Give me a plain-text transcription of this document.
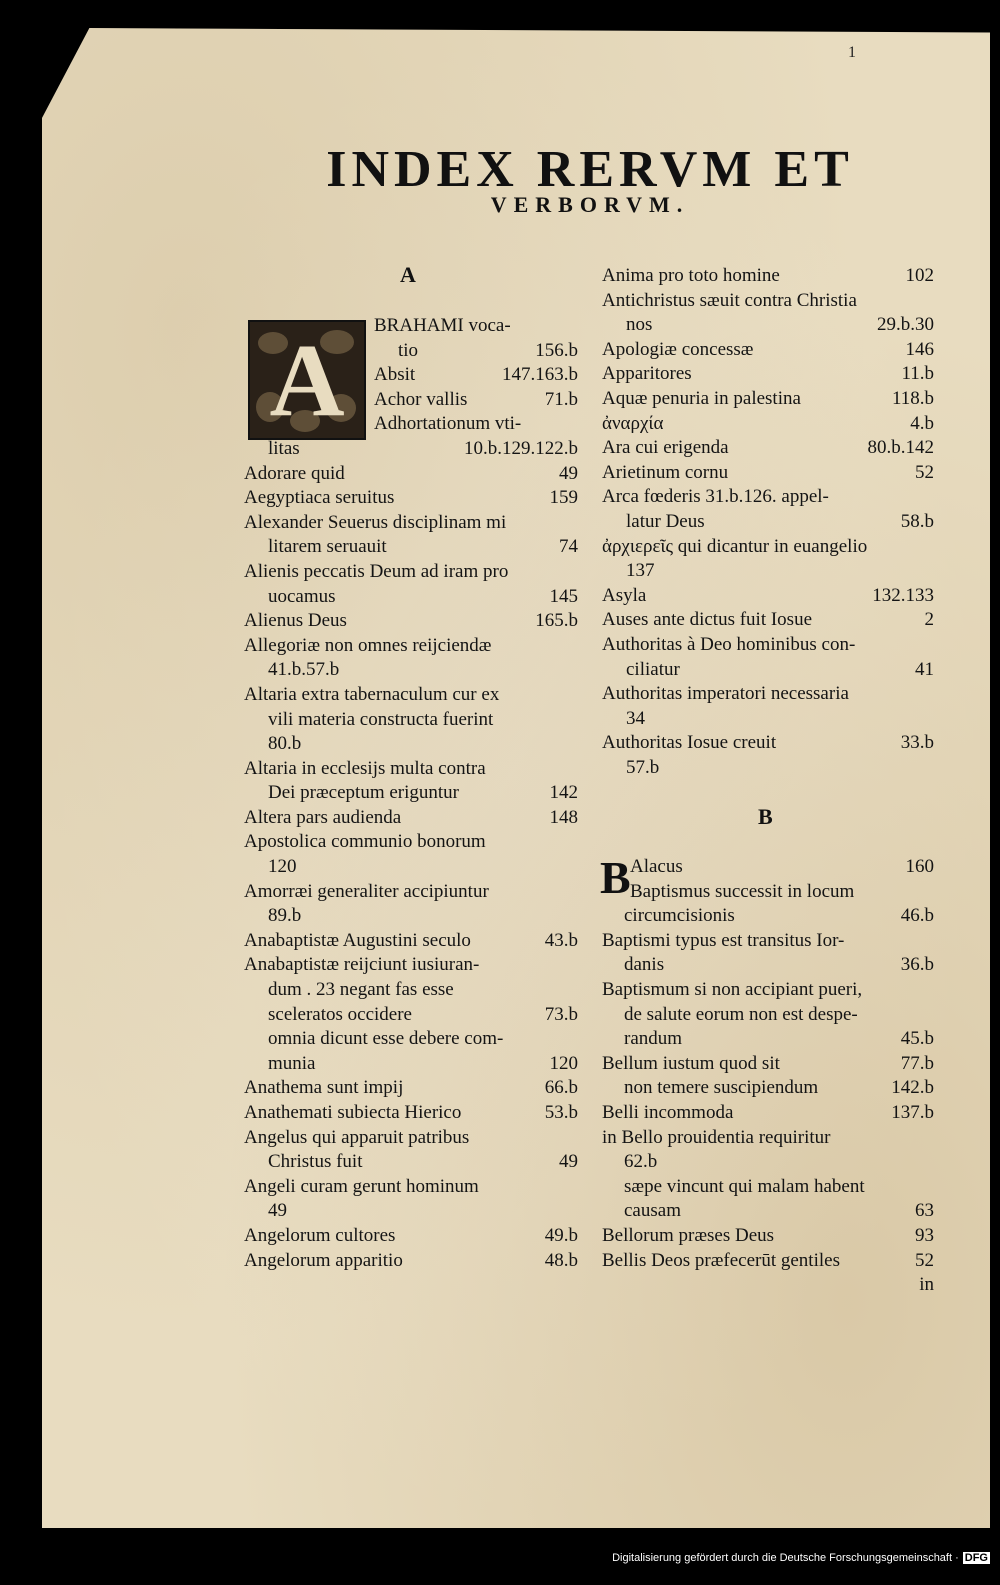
1
INDEX RERVM ET
VERBORVM.
A
B
A
B
BRAHAMI voca-
tio	156.b
Absit	147.163.b
Achor vallis	71.b
Adhortationum vti-
litas	10.b.129.122.b
Adorare quid	49
Aegyptiaca seruitus	159
Alexander Seuerus disciplinam mi
litarem seruauit	74
Alienis peccatis Deum ad iram pro
uocamus	145
Alienus Deus	165.b
Allegoriæ non omnes reijciendæ
41.b.57.b
Altaria extra tabernaculum cur ex
vili materia constructa fuerint
80.b
Altaria in ecclesijs multa contra
Dei præceptum eriguntur	142
Altera pars audienda	148
Apostolica communio bonorum
120
Amorræi generaliter accipiuntur
89.b
Anabaptistæ Augustini seculo	43.b
Anabaptistæ reijciunt iusiuran-
dum . 23 negant fas esse
sceleratos occidere	73.b
omnia dicunt esse debere com-
munia	120
Anathema sunt impij	66.b
Anathemati subiecta Hierico	53.b
Angelus qui apparuit patribus
Christus fuit	49
Angeli curam gerunt hominum
49
Angelorum cultores	49.b
Angelorum apparitio	48.b
Anima pro toto homine	102
Antichristus sæuit contra Christia
nos	29.b.30
Apologiæ concessæ	146
Apparitores	11.b
Aquæ penuria in palestina	118.b
ἀναρχία	4.b
Ara cui erigenda	80.b.142
Arietinum cornu	52
Arca fœderis 31.b.126. appel-
latur Deus	58.b
ἀρχιερεῖς qui dicantur in euangelio
137
Asyla	132.133
Auses ante dictus fuit Iosue	2
Authoritas à Deo hominibus con-
ciliatur	41
Authoritas imperatori necessaria
34
Authoritas Iosue creuit	33.b
57.b
Alacus	160
Baptismus successit in locum
circumcisionis	46.b
Baptismi typus est transitus Ior-
danis	36.b
Baptismum si non accipiant pueri,
de salute eorum non est despe-
randum	45.b
Bellum iustum quod sit	77.b
non temere suscipiendum	142.b
Belli incommoda	137.b
in Bello prouidentia requiritur
62.b
sæpe vincunt qui malam habent
causam	63
Bellorum præses Deus	93
Bellis Deos præfecerūt gentiles	52
in
Digitalisierung gefördert durch die Deutsche Forschungsgemeinschaft · DFG
